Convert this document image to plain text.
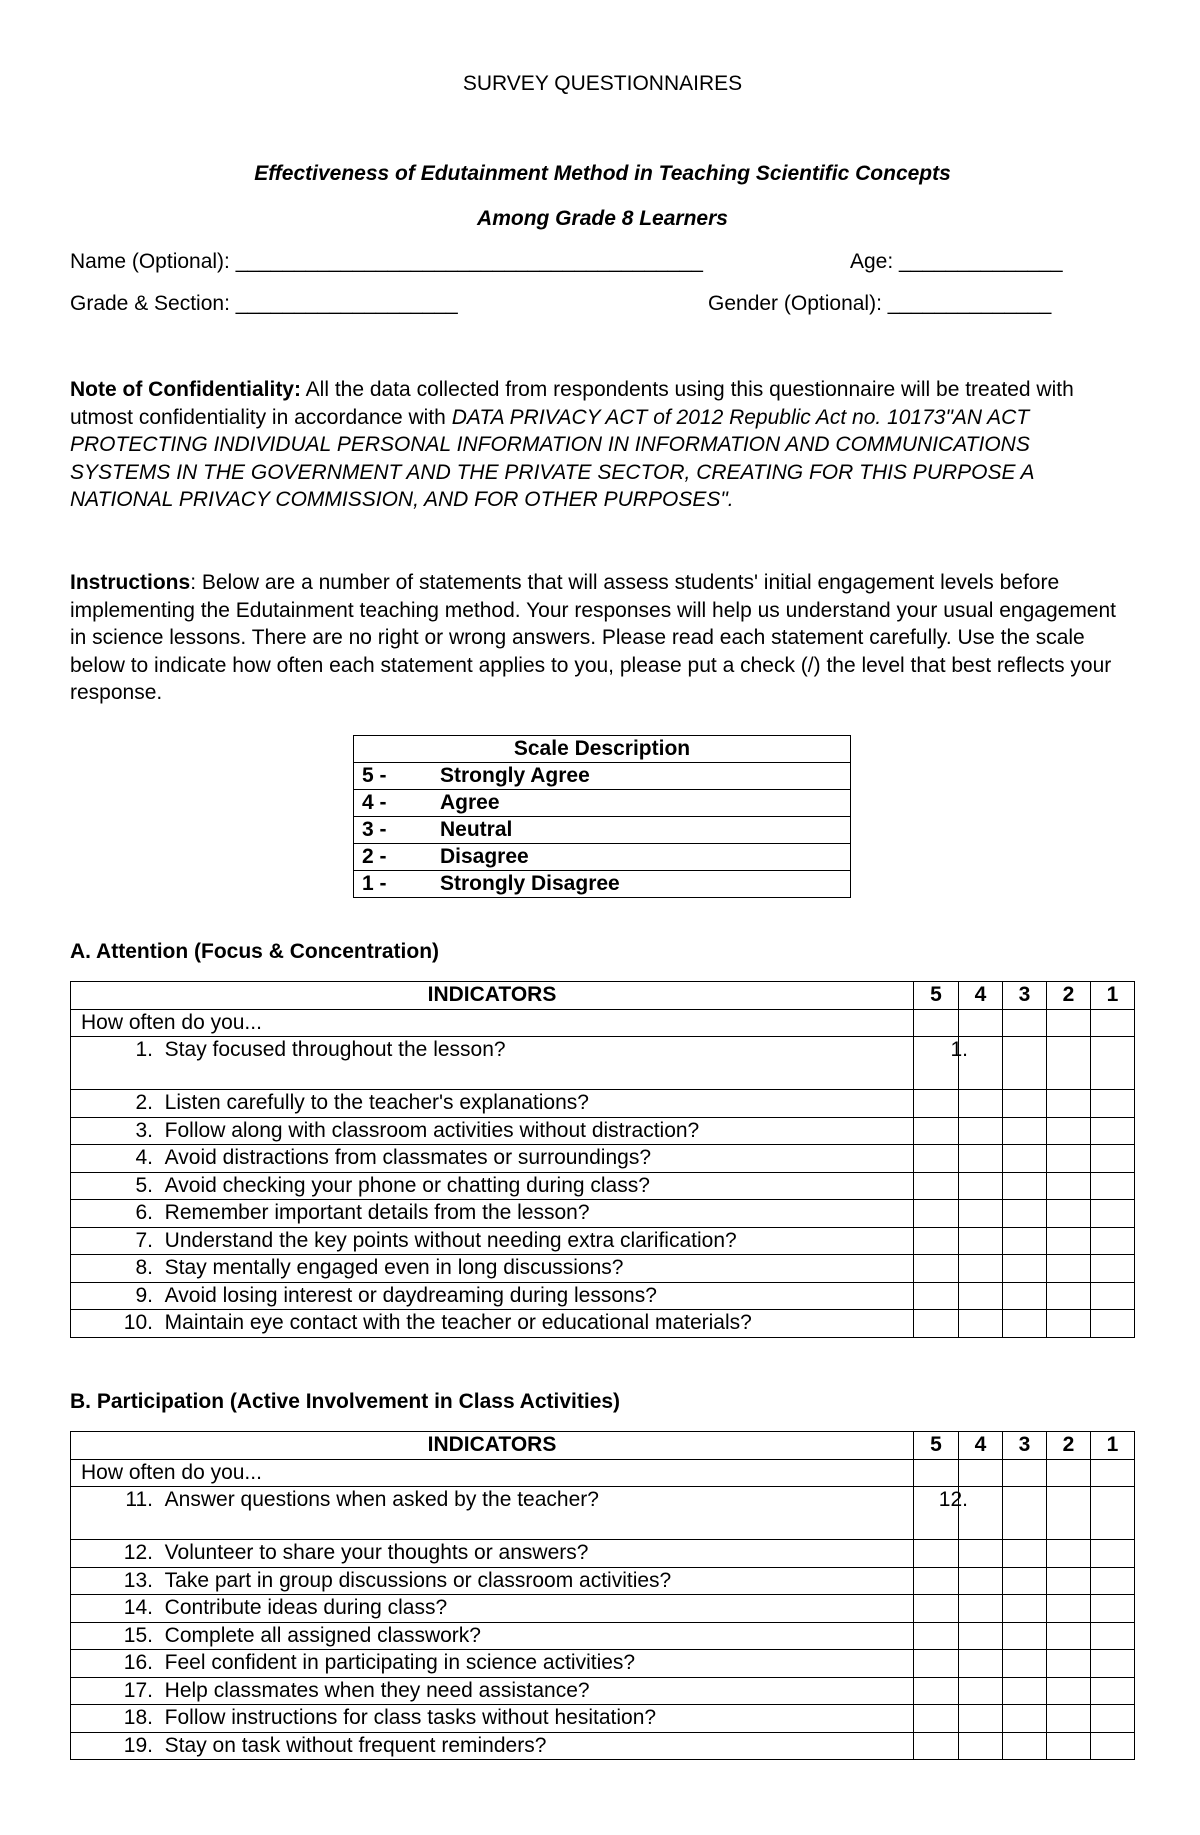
SURVEY QUESTIONNAIRES
Effectiveness of Edutainment Method in Teaching Scientific Concepts
Among Grade 8 Learners
Name (Optional): ________________________________________	Age: ______________
Grade & Section: ___________________	Gender (Optional): ______________
Note of Confidentiality: All the data collected from respondents using this questionnaire will be treated with utmost confidentiality in accordance with DATA PRIVACY ACT of 2012 Republic Act no. 10173"AN ACT PROTECTING INDIVIDUAL PERSONAL INFORMATION IN INFORMATION AND COMMUNICATIONS SYSTEMS IN THE GOVERNMENT AND THE PRIVATE SECTOR, CREATING FOR THIS PURPOSE A NATIONAL PRIVACY COMMISSION, AND FOR OTHER PURPOSES".
Instructions: Below are a number of statements that will assess students' initial engagement levels before implementing the Edutainment teaching method. Your responses will help us understand your usual engagement in science lessons. There are no right or wrong answers. Please read each statement carefully. Use the scale below to indicate how often each statement applies to you, please put a check (/) the level that best reflects your response.
Scale Description	
5 -	Strongly Agree
4 -	Agree
3 -	Neutral
2 -	Disagree
1 -	Strongly Disagree
A. Attention (Focus & Concentration)
INDICATORS	5	4	3	2	1
How often do you...					
1. Stay focused throughout the lesson?	1.				
2. Listen carefully to the teacher's explanations?					
3. Follow along with classroom activities without distraction?					
4. Avoid distractions from classmates or surroundings?					
5. Avoid checking your phone or chatting during class?					
6. Remember important details from the lesson?					
7. Understand the key points without needing extra clarification?					
8. Stay mentally engaged even in long discussions?					
9. Avoid losing interest or daydreaming during lessons?					
10. Maintain eye contact with the teacher or educational materials?					
B. Participation (Active Involvement in Class Activities)
INDICATORS	5	4	3	2	1
How often do you...					
11. Answer questions when asked by the teacher?	12.				
12. Volunteer to share your thoughts or answers?					
13. Take part in group discussions or classroom activities?					
14. Contribute ideas during class?					
15. Complete all assigned classwork?					
16. Feel confident in participating in science activities?					
17. Help classmates when they need assistance?					
18. Follow instructions for class tasks without hesitation?					
19. Stay on task without frequent reminders?					
